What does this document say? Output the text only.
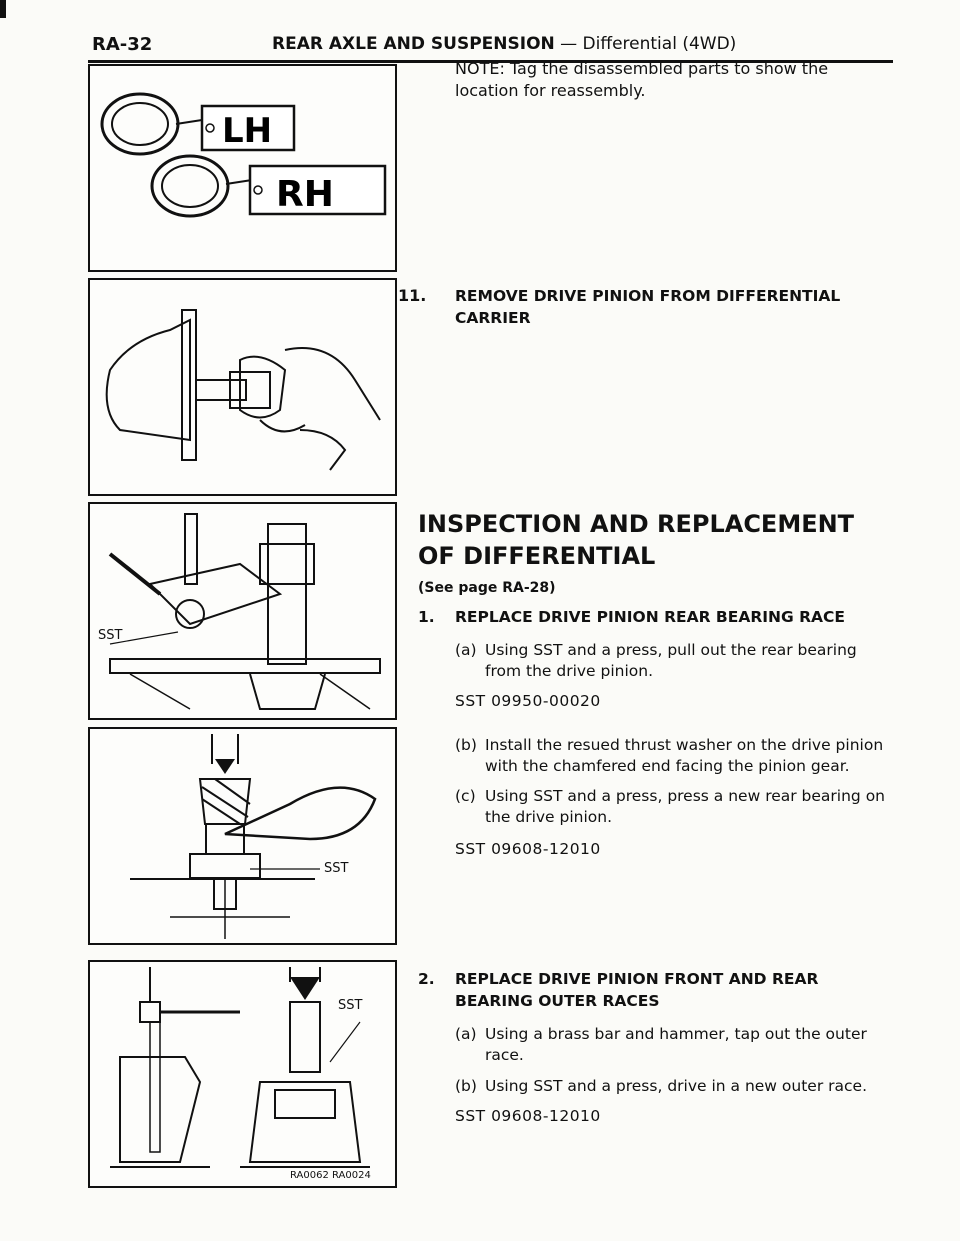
RA-32	REAR AXLE AND SUSPENSION — Differential (4WD)
LH
RH
SST
SST
SST
RA0062 RA0024
NOTE: Tag the disassembled parts to show the location for reassembly.
11. REMOVE DRIVE PINION FROM DIFFERENTIAL CARRIER
INSPECTION AND REPLACEMENT OF DIFFERENTIAL
(See page RA-28)
1. REPLACE DRIVE PINION REAR BEARING RACE
(a) Using SST and a press, pull out the rear bearing from the drive pinion.
SST 09950-00020
(b) Install the resued thrust washer on the drive pinion with the chamfered end facing the pinion gear.
(c) Using SST and a press, press a new rear bearing on the drive pinion.
SST 09608-12010
2. REPLACE DRIVE PINION FRONT AND REAR BEARING OUTER RACES
(a) Using a brass bar and hammer, tap out the outer race.
(b) Using SST and a press, drive in a new outer race.
SST 09608-12010
